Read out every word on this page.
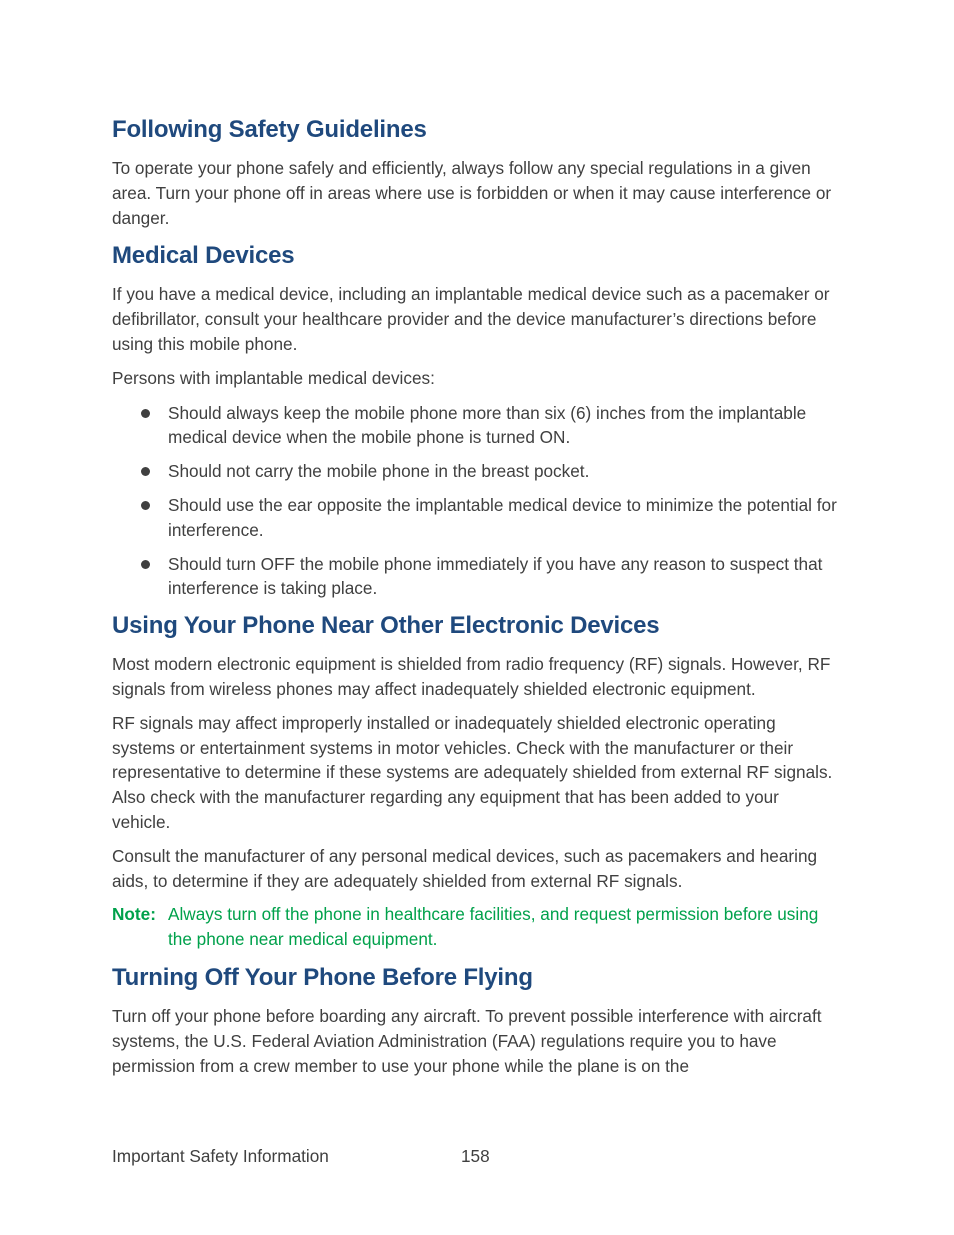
Following Safety Guidelines

To operate your phone safely and efficiently, always follow any special regulations in a given area. Turn your phone off in areas where use is forbidden or when it may cause interference or danger.

Medical Devices

If you have a medical device, including an implantable medical device such as a pacemaker or defibrillator, consult your healthcare provider and the device manufacturer’s directions before using this mobile phone.

Persons with implantable medical devices:

Should always keep the mobile phone more than six (6) inches from the implantable medical device when the mobile phone is turned ON.
Should not carry the mobile phone in the breast pocket.
Should use the ear opposite the implantable medical device to minimize the potential for interference.
Should turn OFF the mobile phone immediately if you have any reason to suspect that interference is taking place.
Using Your Phone Near Other Electronic Devices

Most modern electronic equipment is shielded from radio frequency (RF) signals. However, RF signals from wireless phones may affect inadequately shielded electronic equipment.

RF signals may affect improperly installed or inadequately shielded electronic operating systems or entertainment systems in motor vehicles. Check with the manufacturer or their representative to determine if these systems are adequately shielded from external RF signals. Also check with the manufacturer regarding any equipment that has been added to your vehicle.

Consult the manufacturer of any personal medical devices, such as pacemakers and hearing aids, to determine if they are adequately shielded from external RF signals.

Note: Always turn off the phone in healthcare facilities, and request permission before using the phone near medical equipment.
Turning Off Your Phone Before Flying

Turn off your phone before boarding any aircraft. To prevent possible interference with aircraft systems, the U.S. Federal Aviation Administration (FAA) regulations require you to have permission from a crew member to use your phone while the plane is on the

Important Safety Information	158
